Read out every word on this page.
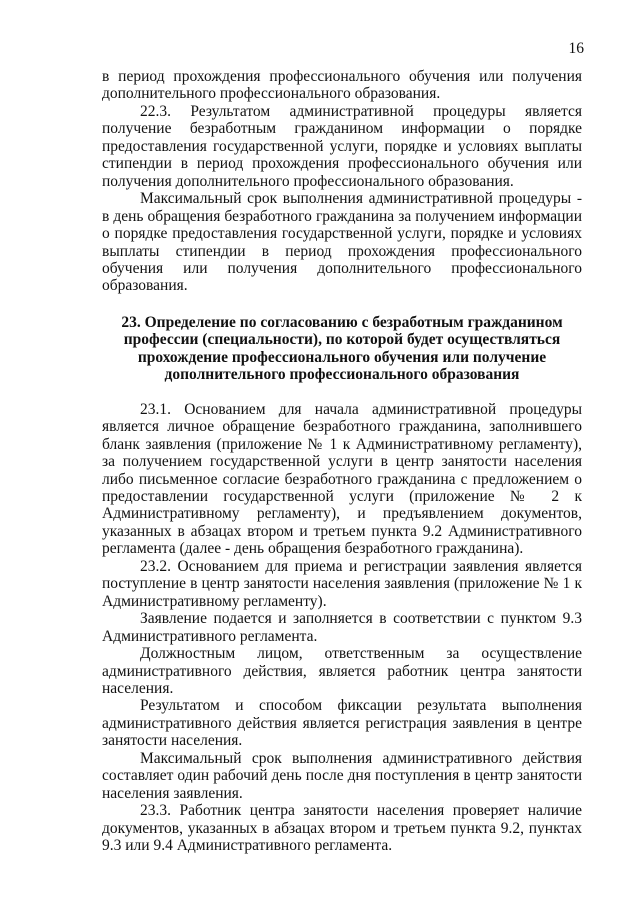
16

в период прохождения профессионального обучения или получения дополнительного профессионального образования.

22.3. Результатом административной процедуры является получение безработным гражданином информации о порядке предоставления государственной услуги, порядке и условиях выплаты стипендии в период прохождения профессионального обучения или получения дополнительного профессионального образования.

Максимальный срок выполнения административной процедуры - в день обращения безработного гражданина за получением информации о порядке предоставления государственной услуги, порядке и условиях выплаты стипендии в период прохождения профессионального обучения или получения дополнительного профессионального образования.

23. Определение по согласованию с безработным гражданином профессии (специальности), по которой будет осуществляться прохождение профессионального обучения или получение дополнительного профессионального образования

23.1. Основанием для начала административной процедуры является личное обращение безработного гражданина, заполнившего бланк заявления (приложение № 1 к Административному регламенту), за получением государственной услуги в центр занятости населения либо письменное согласие безработного гражданина с предложением о предоставлении государственной услуги (приложение № 2 к Административному регламенту), и предъявлением документов, указанных в абзацах втором и третьем пункта 9.2 Административного регламента (далее - день обращения безработного гражданина).

23.2. Основанием для приема и регистрации заявления является поступление в центр занятости населения заявления (приложение № 1 к Административному регламенту).

Заявление подается и заполняется в соответствии с пунктом 9.3 Административного регламента.

Должностным лицом, ответственным за осуществление административного действия, является работник центра занятости населения.

Результатом и способом фиксации результата выполнения административного действия является регистрация заявления в центре занятости населения.

Максимальный срок выполнения административного действия составляет один рабочий день после дня поступления в центр занятости населения заявления.

23.3. Работник центра занятости населения проверяет наличие документов, указанных в абзацах втором и третьем пункта 9.2, пунктах 9.3 или 9.4 Административного регламента.
